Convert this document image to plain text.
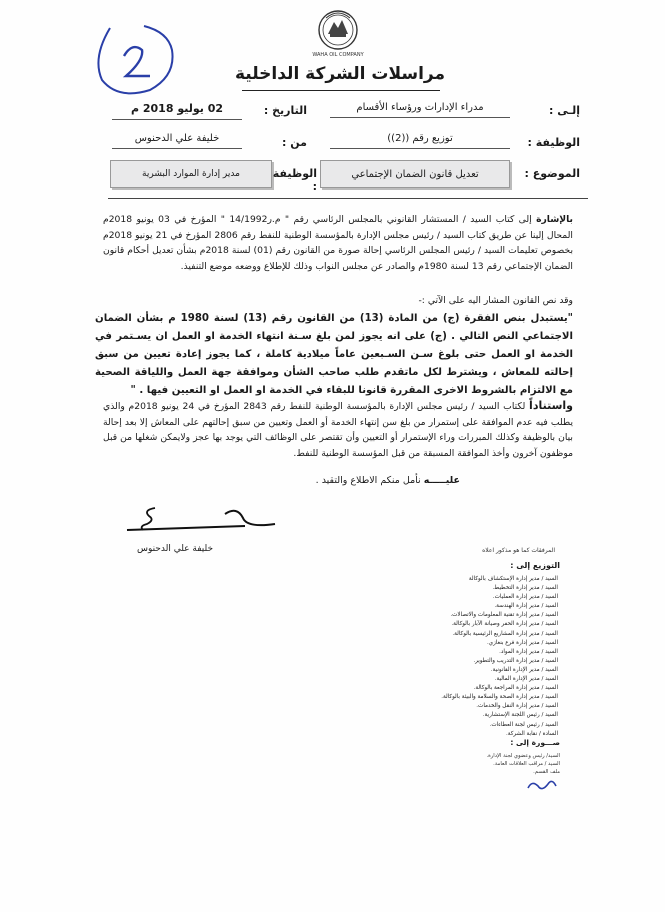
WAHA OIL COMPANY
مراسلات الشركة الداخلية
إلـى :
مدراء الإدارات ورؤساء الأقسام
الوظيفة :
توزيع رقم ((2))
الموضوع :
تعديل قانون الضمان الإجتماعي
التاريخ :
02 يوليو 2018 م
من :
خليفة علي الدحنوس
مدير إدارة الموارد البشرية	الوظيفة :
بالإشارة إلى كتاب السيد / المستشار القانوني بالمجلس الرئاسي رقم " م.ر14/1992 " المؤرخ في 03 يونيو 2018م المحال إلينا عن طريق كتاب السيد / رئيس مجلس الإدارة بالمؤسسة الوطنية للنفط رقم 2806 المؤرخ في 21 يونيو 2018م بخصوص تعليمات السيد / رئيس المجلس الرئاسي إحالة صورة من القانون رقم (01) لسنة 2018م بشأن تعديل أحكام قانون الضمان الإجتماعي رقم 13 لسنة 1980م والصادر عن مجلس النواب وذلك للإطلاع ووضعه موضع التنفيذ.
وقد نص القانون المشار اليه على الآتي :-
"يستبدل بنص الفقرة (ج) من المادة (13) من القانون رقم (13) لسنة 1980 م بشأن الضمان الاجتماعي النص التالي . (ج) على انه يجوز لمن بلغ سـنة انتهاء الخدمة او العمل ان يسـتمر في الخدمة او العمل حتى بلوغ سـن السـبعين عاماً ميلادية كاملة ، كما يجوز إعادة تعيين من سبق إحالته للمعاش ، ويشترط لكل ماتقدم طلب صاحب الشأن وموافقة جهة العمل واللياقة الصحية مع الالتزام بالشروط الاخرى المقررة قانونا للبقاء في الخدمة او العمل او التعيين فيها . "
واستناداً لكتاب السيد / رئيس مجلس الإدارة بالمؤسسة الوطنية للنفط رقم 2843 المؤرخ في 24 يونيو 2018م والذي يطلب فيه عدم الموافقة على إستمرار من بلغ سن إنتهاء الخدمة أو العمل وتعيين من سبق إحالتهم على المعاش إلا بعد إحالة بيان بالوظيفة وكذلك المبررات وراء الإستمرار أو التعيين وأن تقتصر على الوظائف التي يوجد بها عجز ولايمكن شغلها من قبل موظفون آخرون وأخذ الموافقة المسبقة من قبل المؤسسة الوطنية للنفط.
عليـــــه نأمل منكم الاطلاع والتقيد .
خليفة علي الدحنوس	المرفقات كما هو مذكور اعلاه
التوزيع إلى :
السيد / مدير إدارة الإستكشاف بالوكالة
السيد / مدير إدارة التخطيط.
السيد / مدير إدارة العمليات.
السيد / مدير إدارة الهندسة.
السيد / مدير إدارة تقنية المعلومات والاتصالات.
السيد / مدير إدارة الحفر وصيانة الآبار بالوكالة.
السيد / مدير إدارة المشاريع الرئيسية بالوكالة.
السيد / مدير إدارة فرع بنغازي.
السيد / مدير إدارة المواد.
السيد / مدير إدارة التدريب والتطوير.
السيد / مدير الإدارة القانونية.
السيد / مدير الإدارة المالية.
السيد / مدير إدارة المراجعة بالوكالة.
السيد / مدير إدارة الصحة والسلامة والبيئة بالوكالة.
السيد / مدير إدارة النقل والخدمات.
السيد / رئيس اللجنة الإستشارية.
السيد / رئيس لجنة العطاءات.
السادة / نقابة الشركة.
صـــورة إلى :
السيد/ رئيس وعضوي لجنة الإدارة.
السيد / مراقب العلاقات العامة.
ملف القسم.
